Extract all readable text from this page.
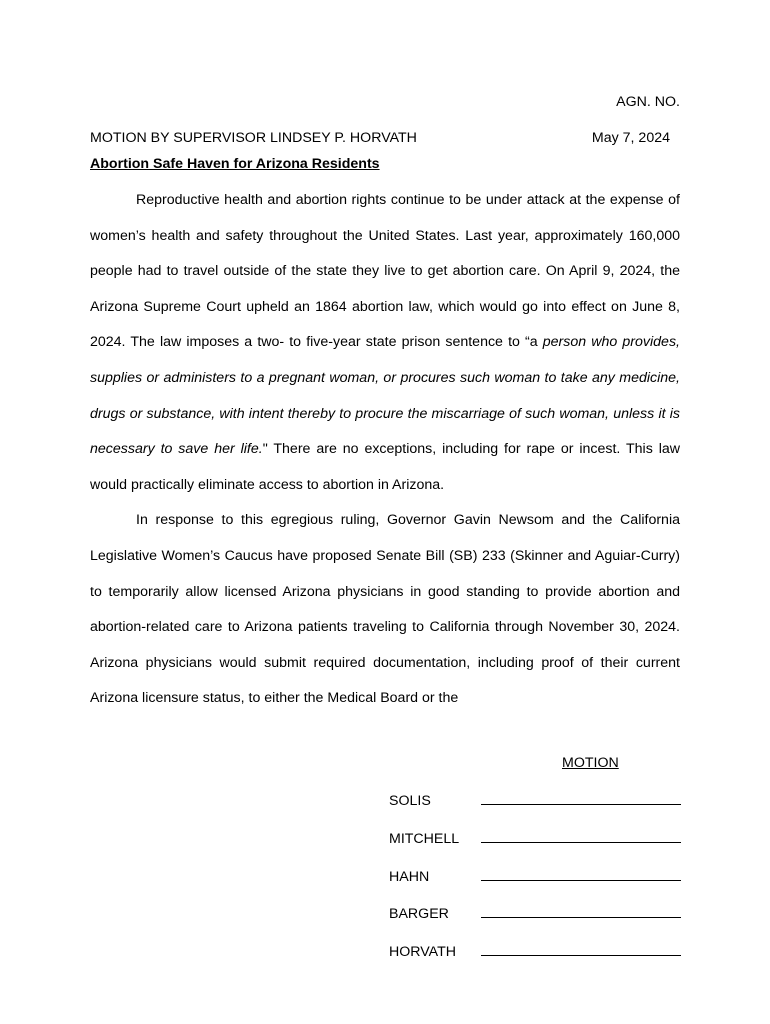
AGN. NO.
MOTION BY SUPERVISOR LINDSEY P. HORVATH	May 7, 2024
Abortion Safe Haven for Arizona Residents

Reproductive health and abortion rights continue to be under attack at the expense of women’s health and safety throughout the United States. Last year, approximately 160,000 people had to travel outside of the state they live to get abortion care. On April 9, 2024, the Arizona Supreme Court upheld an 1864 abortion law, which would go into effect on June 8, 2024. The law imposes a two- to five-year state prison sentence to “a person who provides, supplies or administers to a pregnant woman, or procures such woman to take any medicine, drugs or substance, with intent thereby to procure the miscarriage of such woman, unless it is necessary to save her life." There are no exceptions, including for rape or incest. This law would practically eliminate access to abortion in Arizona.

In response to this egregious ruling, Governor Gavin Newsom and the California Legislative Women’s Caucus have proposed Senate Bill (SB) 233 (Skinner and Aguiar-Curry) to temporarily allow licensed Arizona physicians in good standing to provide abortion and abortion-related care to Arizona patients traveling to California through November 30, 2024. Arizona physicians would submit required documentation, including proof of their current Arizona licensure status, to either the Medical Board or the

MOTION
SOLIS
MITCHELL
HAHN
BARGER
HORVATH
